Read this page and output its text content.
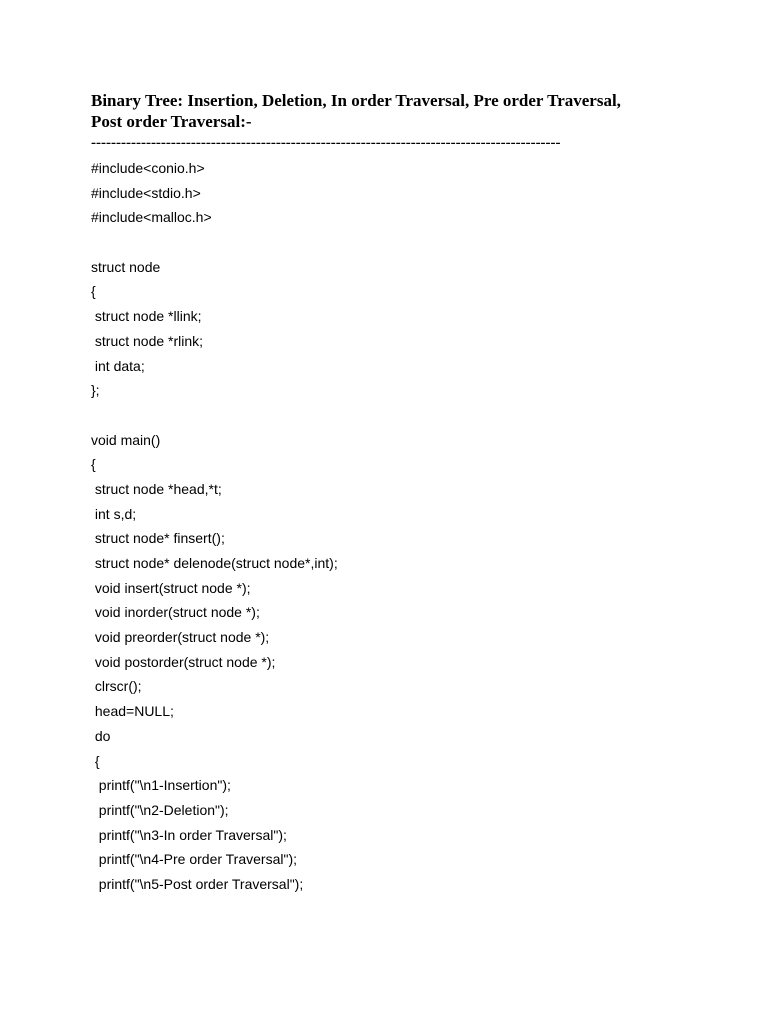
Binary Tree: Insertion, Deletion, In order Traversal, Pre order Traversal,
Post order Traversal:-
----------------------------------------------------------------------------------------------
#include<conio.h>
#include<stdio.h>
#include<malloc.h>
struct node
{
struct node *llink;
struct node *rlink;
int data;
};
void main()
{
struct node *head,*t;
int s,d;
struct node* finsert();
struct node* delenode(struct node*,int);
void insert(struct node *);
void inorder(struct node *);
void preorder(struct node *);
void postorder(struct node *);
clrscr();
head=NULL;
do
{
printf("\n1-Insertion");
printf("\n2-Deletion");
printf("\n3-In order Traversal");
printf("\n4-Pre order Traversal");
printf("\n5-Post order Traversal");
